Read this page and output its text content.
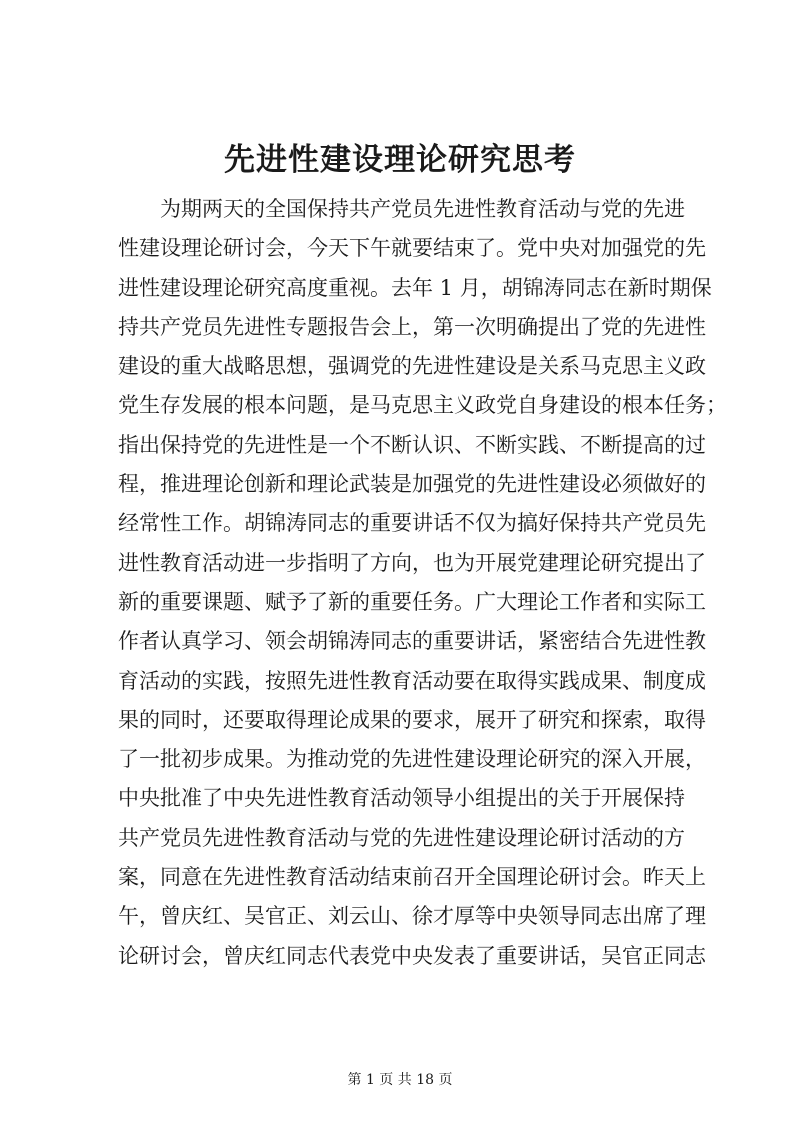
先进性建设理论研究思考
为期两天的全国保持共产党员先进性教育活动与党的先进
性建设理论研讨会，今天下午就要结束了。党中央对加强党的先
进性建设理论研究高度重视。去年 1 月，胡锦涛同志在新时期保
持共产党员先进性专题报告会上，第一次明确提出了党的先进性
建设的重大战略思想，强调党的先进性建设是关系马克思主义政
党生存发展的根本问题，是马克思主义政党自身建设的根本任务；
指出保持党的先进性是一个不断认识、不断实践、不断提高的过
程，推进理论创新和理论武装是加强党的先进性建设必须做好的
经常性工作。胡锦涛同志的重要讲话不仅为搞好保持共产党员先
进性教育活动进一步指明了方向，也为开展党建理论研究提出了
新的重要课题、赋予了新的重要任务。广大理论工作者和实际工
作者认真学习、领会胡锦涛同志的重要讲话，紧密结合先进性教
育活动的实践，按照先进性教育活动要在取得实践成果、制度成
果的同时，还要取得理论成果的要求，展开了研究和探索，取得
了一批初步成果。为推动党的先进性建设理论研究的深入开展，
中央批准了中央先进性教育活动领导小组提出的关于开展保持
共产党员先进性教育活动与党的先进性建设理论研讨活动的方
案，同意在先进性教育活动结束前召开全国理论研讨会。昨天上
午，曾庆红、吴官正、刘云山、徐才厚等中央领导同志出席了理
论研讨会，曾庆红同志代表党中央发表了重要讲话，吴官正同志
第 1 页 共 18 页
